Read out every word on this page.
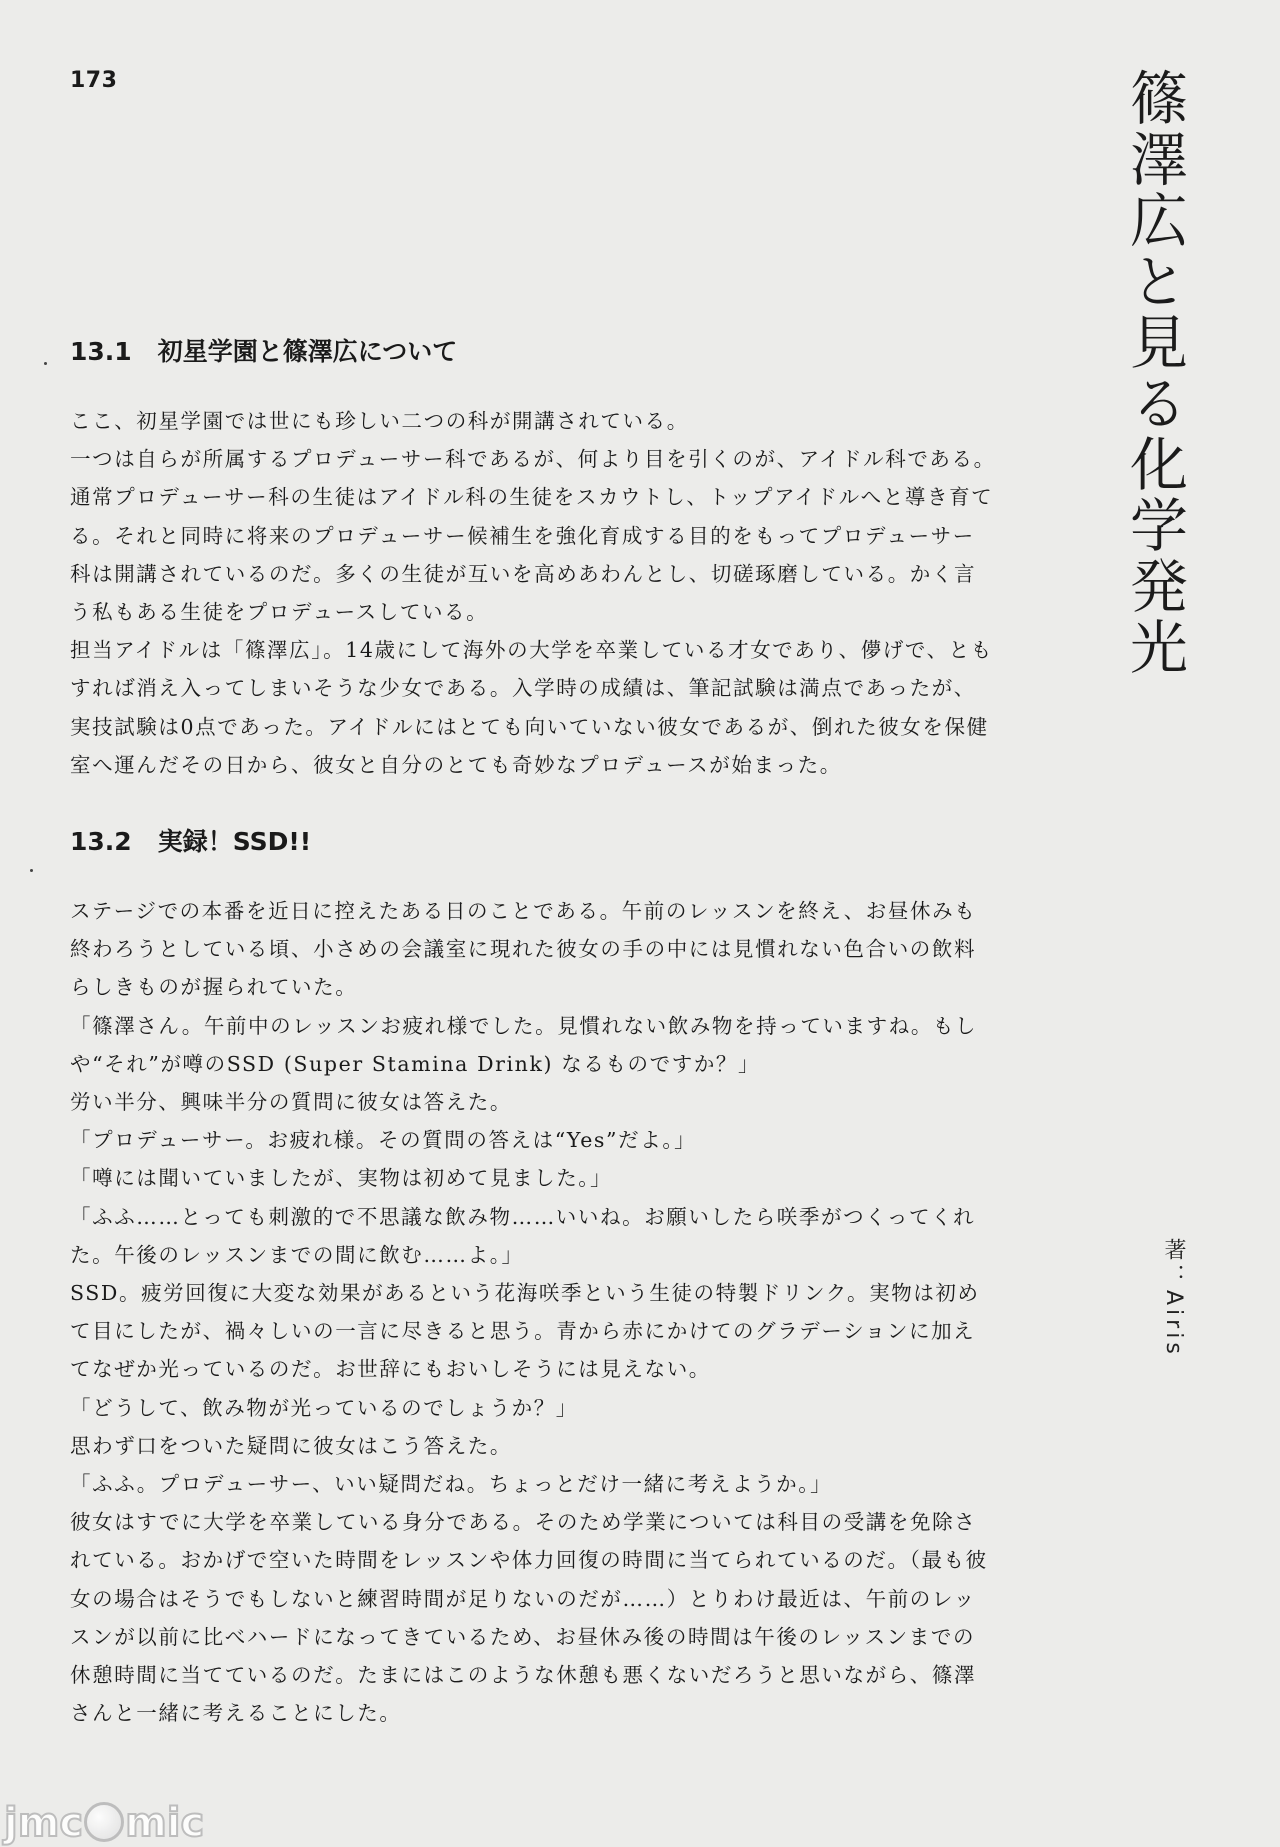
173	篠澤広と見る化学発光
著：Airis
13.1 初星学園と篠澤広について

ここ、初星学園では世にも珍しい二つの科が開講されている。

一つは自らが所属するプロデューサー科であるが、何より目を引くのが、アイドル科である。通常プロデューサー科の生徒はアイドル科の生徒をスカウトし、トップアイドルへと導き育てる。それと同時に将来のプロデューサー候補生を強化育成する目的をもってプロデューサー科は開講されているのだ。多くの生徒が互いを高めあわんとし、切磋琢磨している。かく言う私もある生徒をプロデュースしている。

担当アイドルは「篠澤広」。14歳にして海外の大学を卒業している才女であり、儚げで、ともすれば消え入ってしまいそうな少女である。入学時の成績は、筆記試験は満点であったが、実技試験は0点であった。アイドルにはとても向いていない彼女であるが、倒れた彼女を保健室へ運んだその日から、彼女と自分のとても奇妙なプロデュースが始まった。

13.2 実録！SSD!!

ステージでの本番を近日に控えたある日のことである。午前のレッスンを終え、お昼休みも終わろうとしている頃、小さめの会議室に現れた彼女の手の中には見慣れない色合いの飲料らしきものが握られていた。

「篠澤さん。午前中のレッスンお疲れ様でした。見慣れない飲み物を持っていますね。もしや“それ”が噂のSSD (Super Stamina Drink) なるものですか？」

労い半分、興味半分の質問に彼女は答えた。

「プロデューサー。お疲れ様。その質問の答えは“Yes”だよ。」

「噂には聞いていましたが、実物は初めて見ました。」

「ふふ……とっても刺激的で不思議な飲み物……いいね。お願いしたら咲季がつくってくれた。午後のレッスンまでの間に飲む……よ。」

SSD。疲労回復に大変な効果があるという花海咲季という生徒の特製ドリンク。実物は初めて目にしたが、禍々しいの一言に尽きると思う。青から赤にかけてのグラデーションに加えてなぜか光っているのだ。お世辞にもおいしそうには見えない。

「どうして、飲み物が光っているのでしょうか？」

思わず口をついた疑問に彼女はこう答えた。

「ふふ。プロデューサー、いい疑問だね。ちょっとだけ一緒に考えようか。」

彼女はすでに大学を卒業している身分である。そのため学業については科目の受講を免除されている。おかげで空いた時間をレッスンや体力回復の時間に当てられているのだ。（最も彼女の場合はそうでもしないと練習時間が足りないのだが……）とりわけ最近は、午前のレッスンが以前に比べハードになってきているため、お昼休み後の時間は午後のレッスンまでの休憩時間に当てているのだ。たまにはこのような休憩も悪くないだろうと思いながら、篠澤さんと一緒に考えることにした。

jmc mic
